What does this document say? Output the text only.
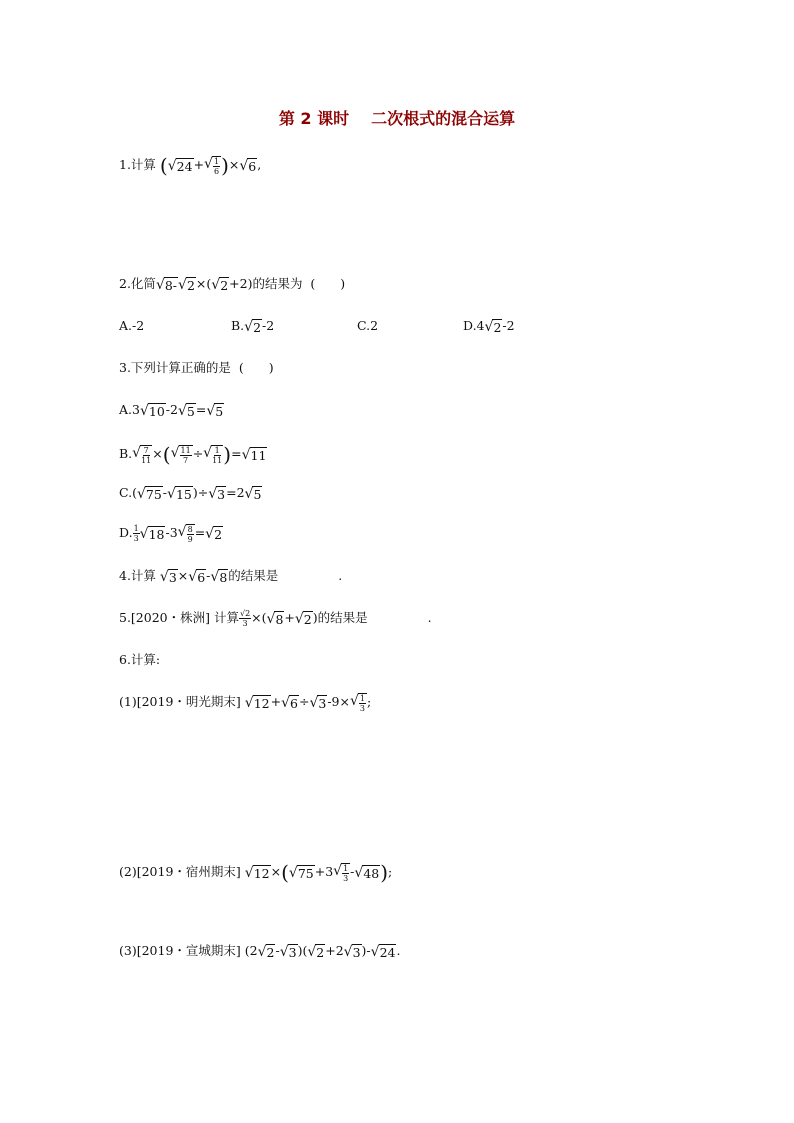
第 2 课时 二次根式的混合运算
1.计算 ( √ 24 + √ $\frac{1}{6}$ )× √ 6 ,
2.化简 √ 8- √ 2 ×( √ 2 +2)的结果为 (　　)
A.-2	B. √ 2 -2	C.2	D.4 √ 2 -2
3.下列计算正确的是 (　　)
A.3 √ 10 -2 √ 5 = √ 5
B. √ $\frac{7}{11}$ ×( √ $\frac{11}{7}$ ÷ √ $\frac{1}{11}$ )= √ 11
C.( √ 75 - √ 15 )÷ √ 3 =2 √ 5
D. $\frac{1}{3}$ √ 18 -3 √ $\frac{8}{9}$ = √ 2
4.计算 √ 3 × √ 6 - √ 8 的结果是	.
5.[2020・株洲] 计算 $\frac{√2}{3}$ ×( √ 8 + √ 2 )的结果是	.
6.计算:
(1)[2019・明光期末] √ 12 + √ 6 ÷ √ 3 -9× √ $\frac{1}{3}$ ;
(2)[2019・宿州期末] √ 12 ×( √ 75 +3 √ $\frac{1}{3}$ - √ 48 );
(3)[2019・宣城期末] (2 √ 2 - √ 3 )( √ 2 +2 √ 3 )- √ 24 .
